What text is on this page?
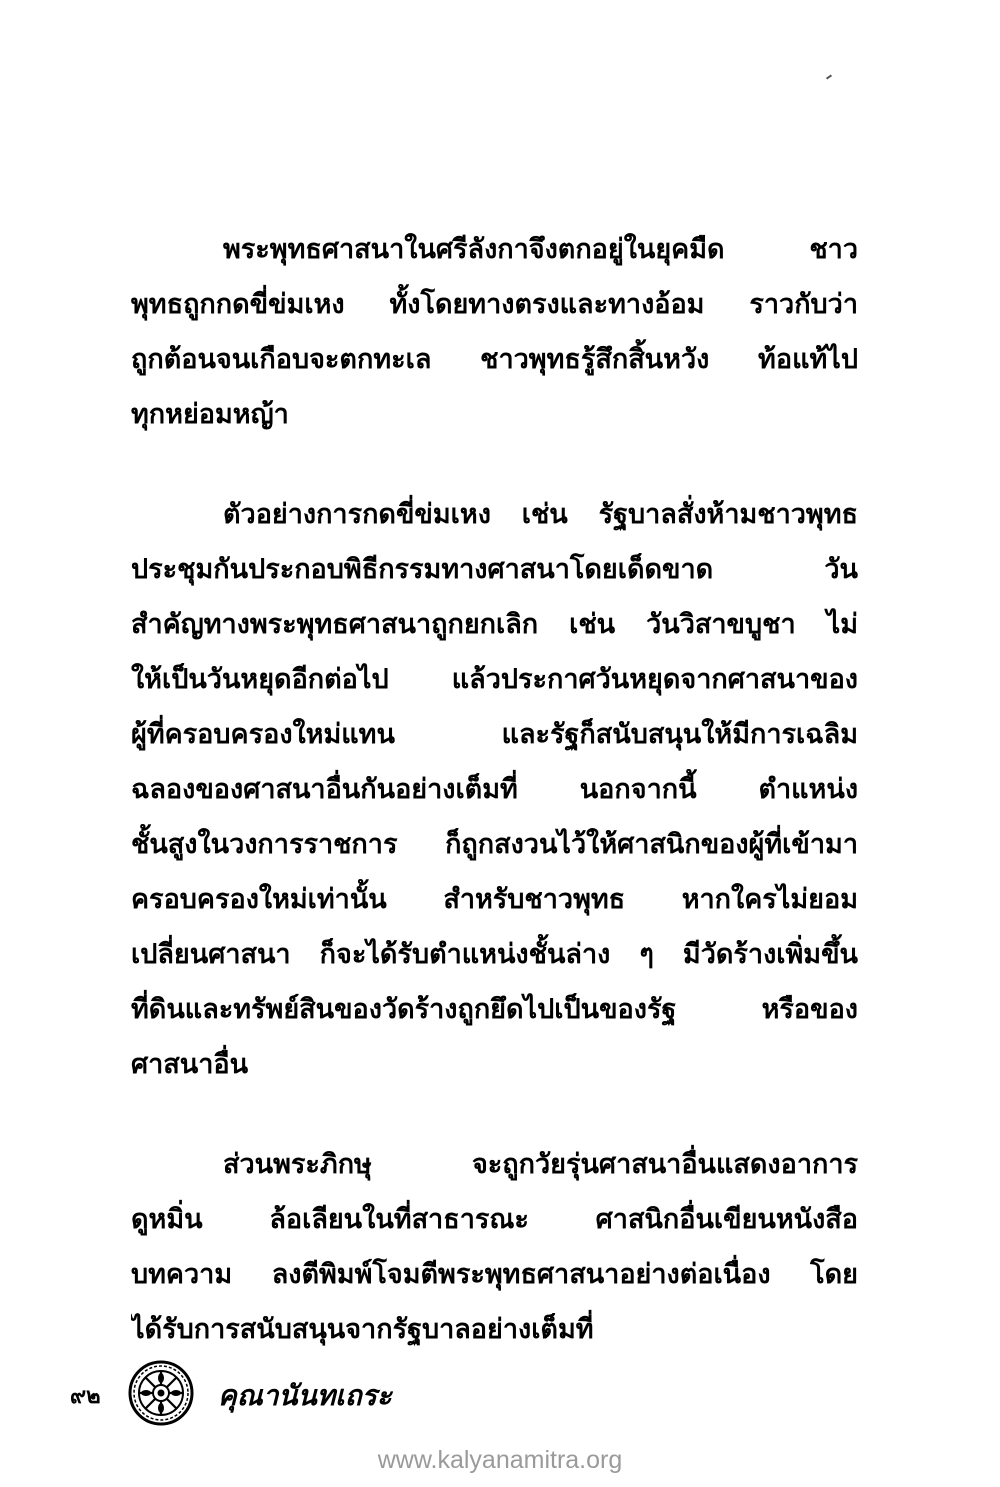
พระพุทธศาสนาในศรีลังกาจึงตกอยู่ในยุคมืด ชาว
พุทธถูกกดขี่ข่มเหง ทั้งโดยทางตรงและทางอ้อม ราวกับว่า
ถูกต้อนจนเกือบจะตกทะเล ชาวพุทธรู้สึกสิ้นหวัง ท้อแท้ไป
ทุกหย่อมหญ้า
ตัวอย่างการกดขี่ข่มเหง เช่น รัฐบาลสั่งห้ามชาวพุทธ
ประชุมกันประกอบพิธีกรรมทางศาสนาโดยเด็ดขาด วัน
สำคัญทางพระพุทธศาสนาถูกยกเลิก เช่น วันวิสาขบูชา ไม่
ให้เป็นวันหยุดอีกต่อไป แล้วประกาศวันหยุดจากศาสนาของ
ผู้ที่ครอบครองใหม่แทน และรัฐก็สนับสนุนให้มีการเฉลิม
ฉลองของศาสนาอื่นกันอย่างเต็มที่ นอกจากนี้ ตำแหน่ง
ชั้นสูงในวงการราชการ ก็ถูกสงวนไว้ให้ศาสนิกของผู้ที่เข้ามา
ครอบครองใหม่เท่านั้น สำหรับชาวพุทธ หากใครไม่ยอม
เปลี่ยนศาสนา ก็จะได้รับตำแหน่งชั้นล่าง ๆ มีวัดร้างเพิ่มขึ้น
ที่ดินและทรัพย์สินของวัดร้างถูกยึดไปเป็นของรัฐ หรือของ
ศาสนาอื่น
ส่วนพระภิกษุ จะถูกวัยรุ่นศาสนาอื่นแสดงอาการ
ดูหมิ่น ล้อเลียนในที่สาธารณะ ศาสนิกอื่นเขียนหนังสือ
บทความ ลงตีพิมพ์โจมตีพระพุทธศาสนาอย่างต่อเนื่อง โดย
ได้รับการสนับสนุนจากรัฐบาลอย่างเต็มที่
๙๒	คุณานันทเถระ
www.kalyanamitra.org
